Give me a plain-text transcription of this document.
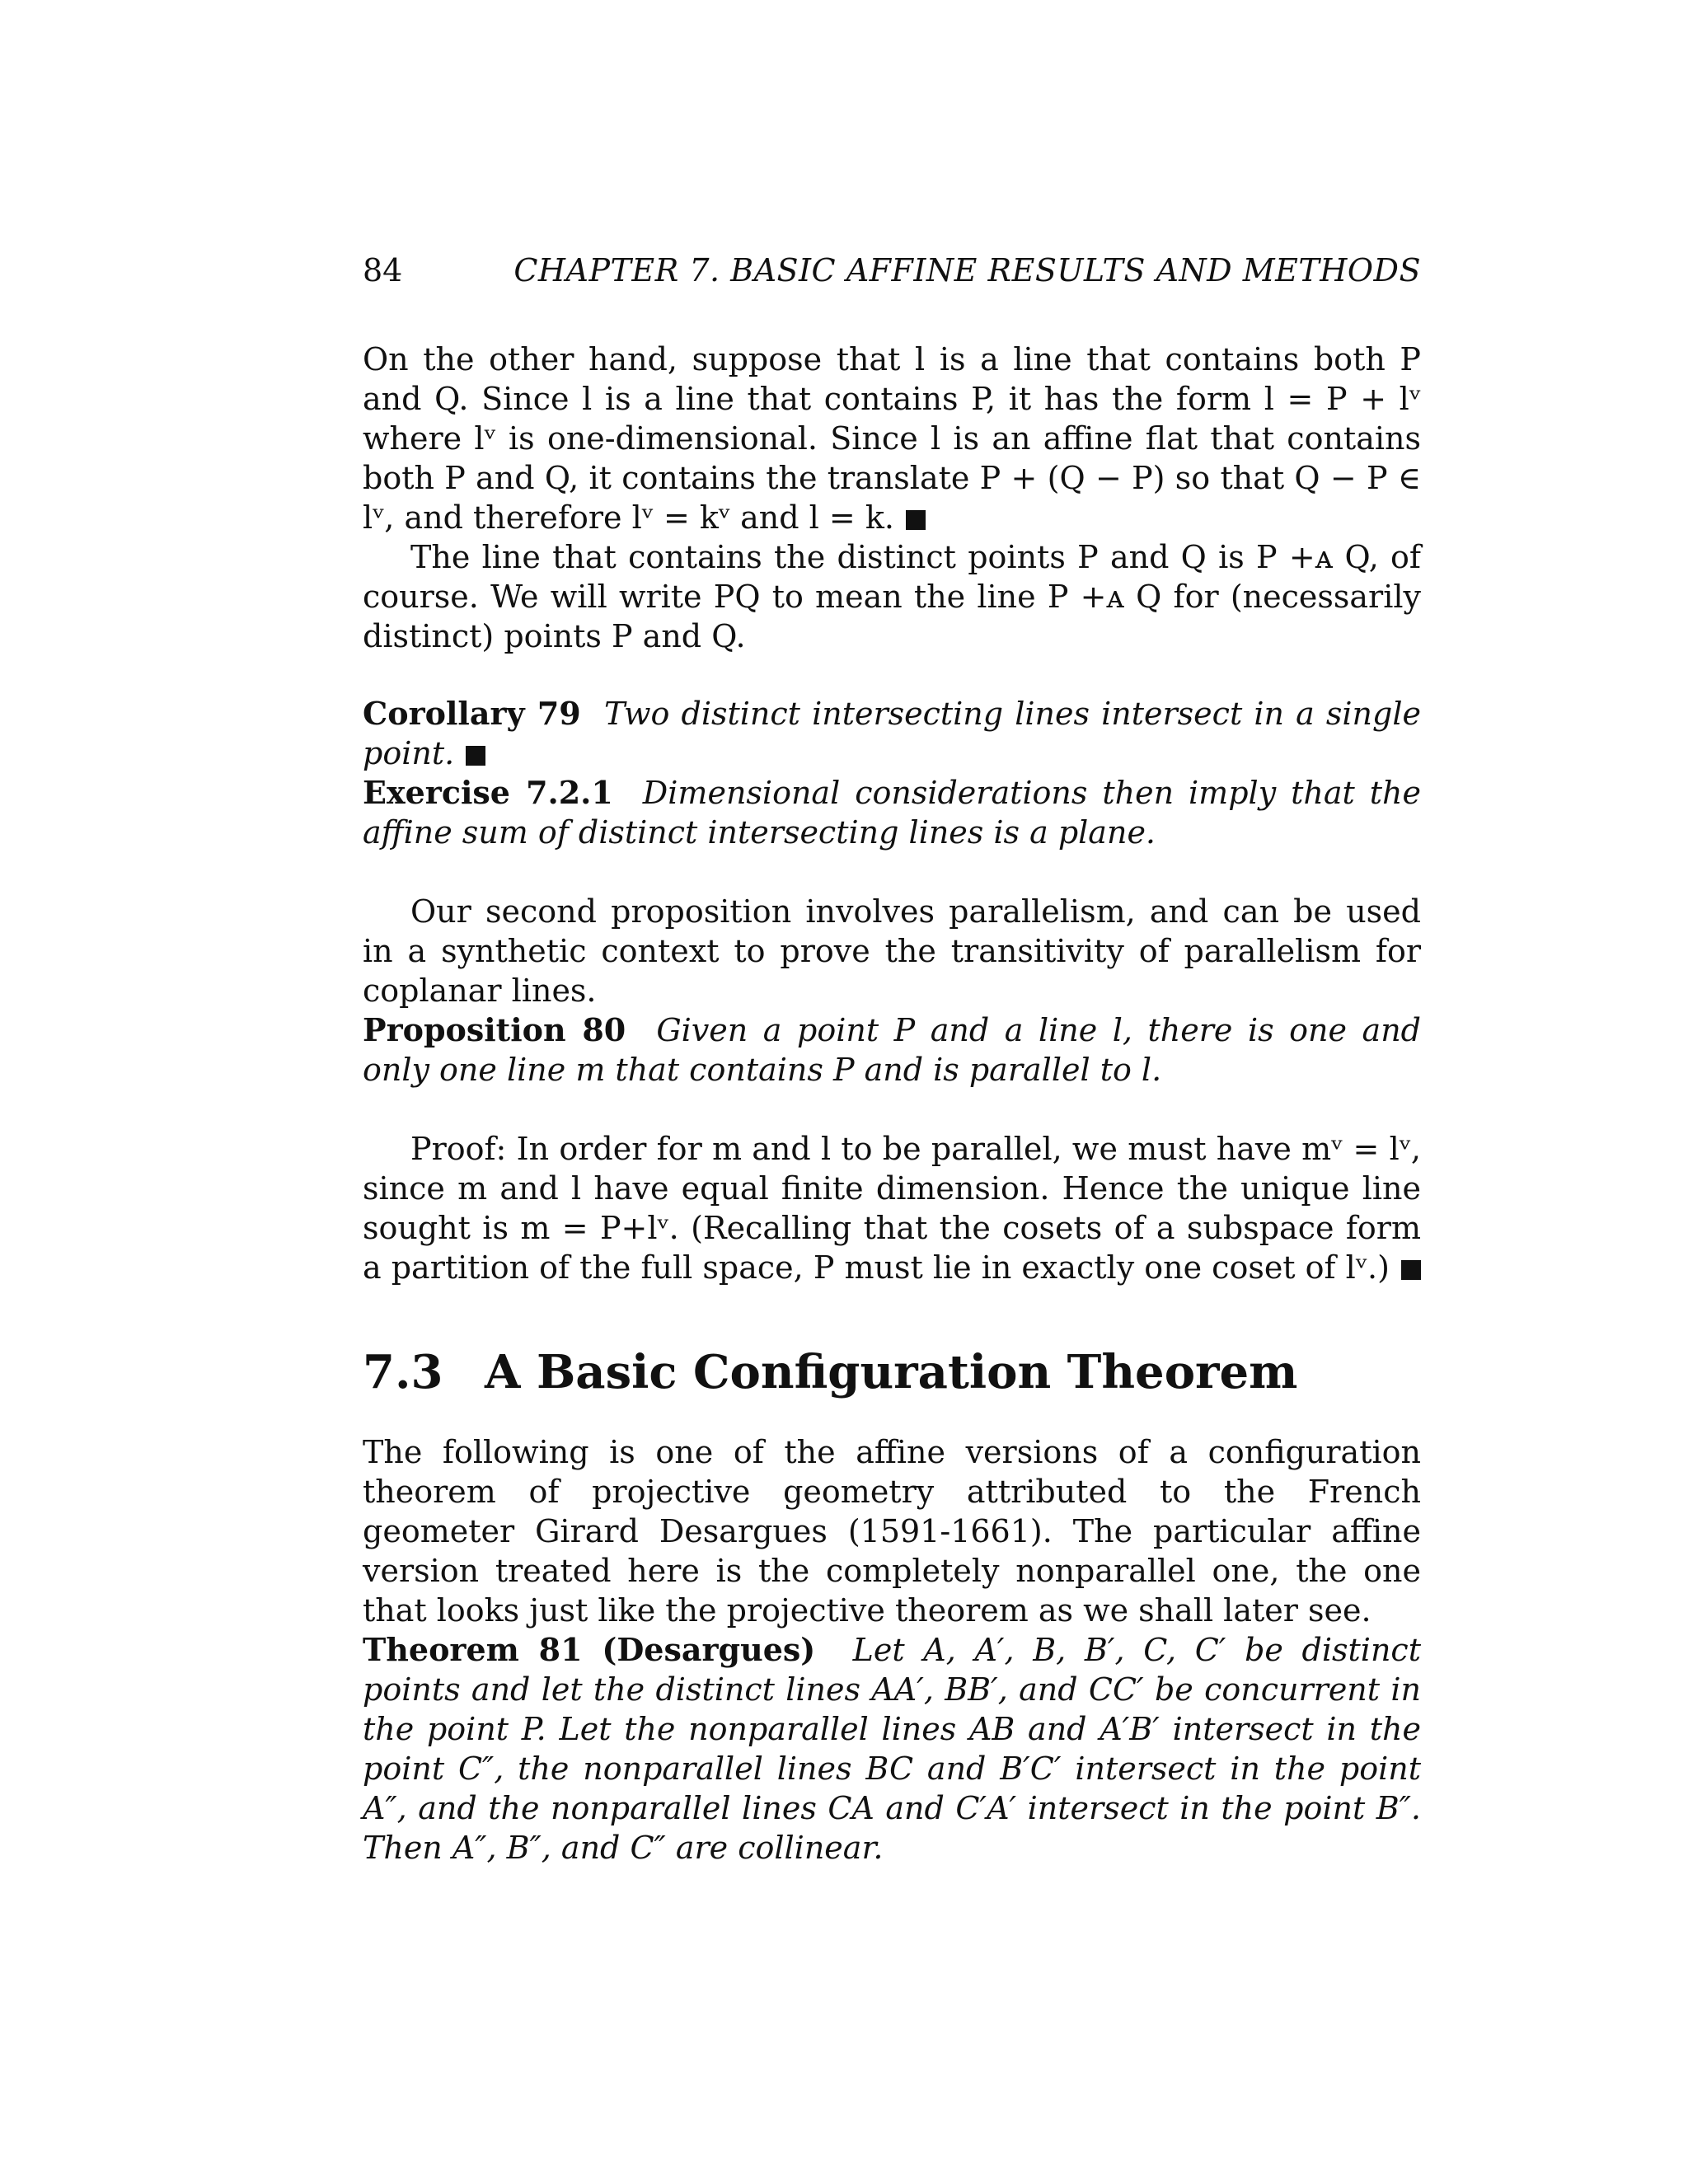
84	CHAPTER 7. BASIC AFFINE RESULTS AND METHODS

On the other hand, suppose that l is a line that contains both P and Q. Since l is a line that contains P, it has the form l = P + lᵛ where lᵛ is one-dimensional. Since l is an affine flat that contains both P and Q, it contains the translate P + (Q − P) so that Q − P ∈ lᵛ, and therefore lᵛ = kᵛ and l = k.

The line that contains the distinct points P and Q is P +ᴀ Q, of course. We will write PQ to mean the line P +ᴀ Q for (necessarily distinct) points P and Q.

Corollary 79 Two distinct intersecting lines intersect in a single point.

Exercise 7.2.1 Dimensional considerations then imply that the affine sum of distinct intersecting lines is a plane.

Our second proposition involves parallelism, and can be used in a synthetic context to prove the transitivity of parallelism for coplanar lines.

Proposition 80 Given a point P and a line l, there is one and only one line m that contains P and is parallel to l.

Proof: In order for m and l to be parallel, we must have mᵛ = lᵛ, since m and l have equal finite dimension. Hence the unique line sought is m = P+lᵛ. (Recalling that the cosets of a subspace form a partition of the full space, P must lie in exactly one coset of lᵛ.)
7.3 A Basic Configuration Theorem
The following is one of the affine versions of a configuration theorem of projective geometry attributed to the French geometer Girard Desargues (1591-1661). The particular affine version treated here is the completely nonparallel one, the one that looks just like the projective theorem as we shall later see.

Theorem 81 (Desargues) Let A, A′, B, B′, C, C′ be distinct points and let the distinct lines AA′, BB′, and CC′ be concurrent in the point P. Let the nonparallel lines AB and A′B′ intersect in the point C″, the nonparallel lines BC and B′C′ intersect in the point A″, and the nonparallel lines CA and C′A′ intersect in the point B″. Then A″, B″, and C″ are collinear.
